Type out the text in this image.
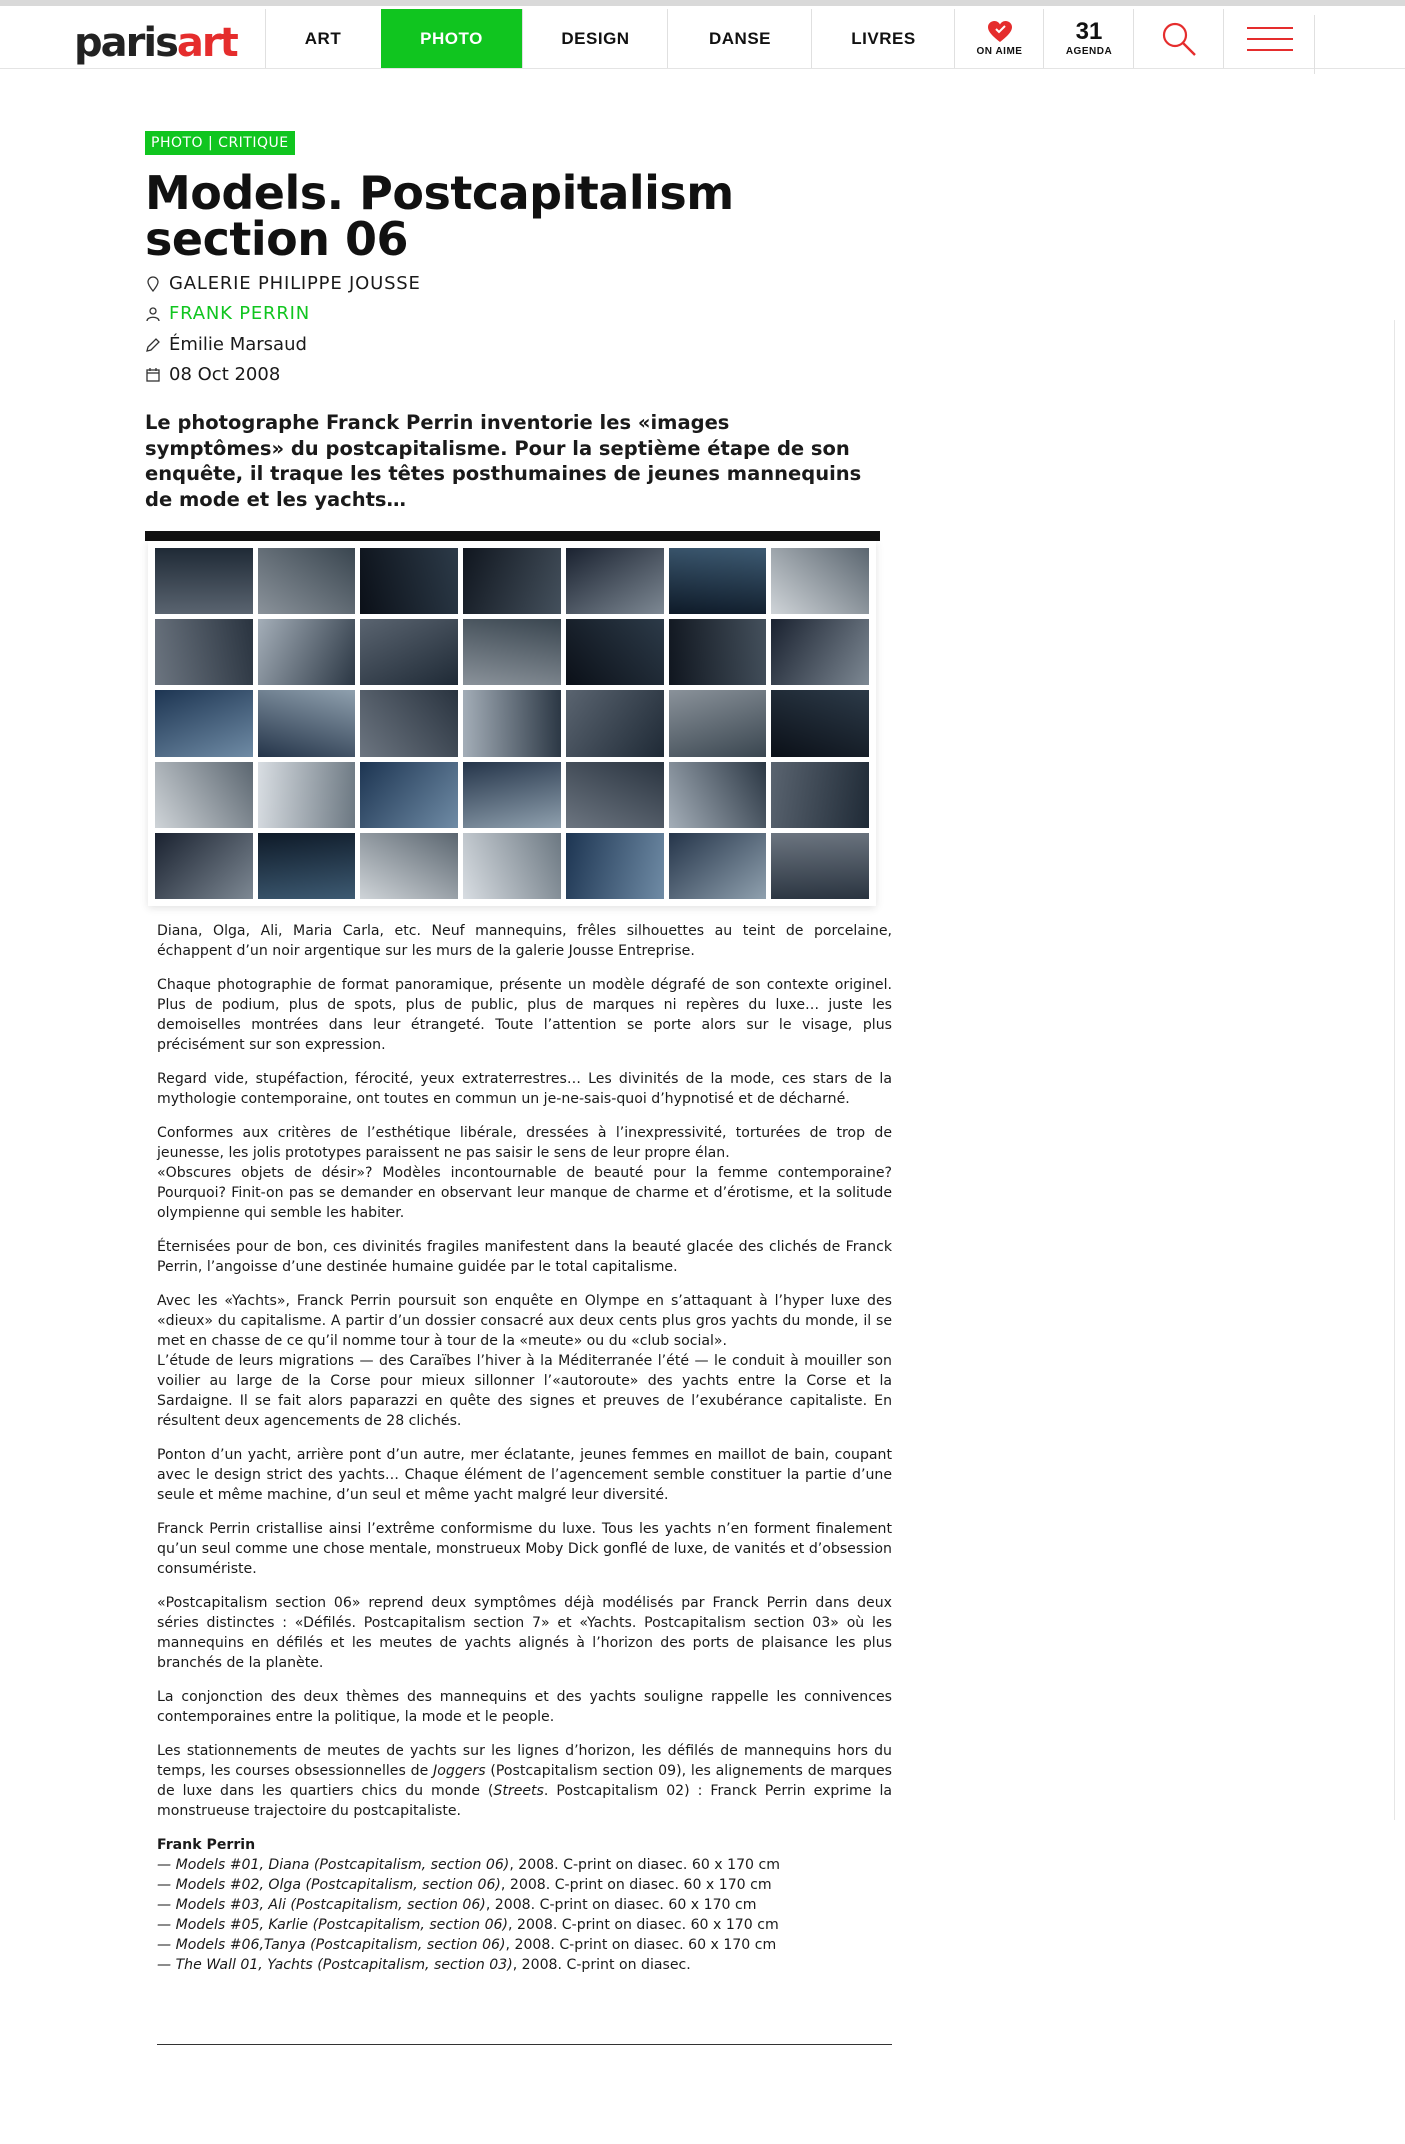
parisart	ART	PHOTO	DESIGN	DANSE	LIVRES
ON AIME
31
AGENDA
PHOTO | CRITIQUE
Models. Postcapitalism
section 06
GALERIE PHILIPPE JOUSSE
FRANK PERRIN
Émilie Marsaud
08 Oct 2008

Le photographe Franck Perrin inventorie les «images symptômes» du postcapitalisme. Pour la septième étape de son enquête, il traque les têtes posthumaines de jeunes mannequins de mode et les yachts…

Diana, Olga, Ali, Maria Carla, etc. Neuf mannequins, frêles silhouettes au teint de porcelaine, échappent d’un noir argentique sur les murs de la galerie Jousse Entreprise.

Chaque photographie de format panoramique, présente un modèle dégrafé de son contexte originel. Plus de podium, plus de spots, plus de public, plus de marques ni repères du luxe… juste les demoiselles montrées dans leur étrangeté. Toute l’attention se porte alors sur le visage, plus précisément sur son expression.

Regard vide, stupéfaction, férocité, yeux extraterrestres… Les divinités de la mode, ces stars de la mythologie contemporaine, ont toutes en commun un je-ne-sais-quoi d’hypnotisé et de décharné.

Conformes aux critères de l’esthétique libérale, dressées à l’inexpressivité, torturées de trop de jeunesse, les jolis prototypes paraissent ne pas saisir le sens de leur propre élan.
«Obscures objets de désir»? Modèles incontournable de beauté pour la femme contemporaine? Pourquoi? Finit-on pas se demander en observant leur manque de charme et d’érotisme, et la solitude olympienne qui semble les habiter.

Éternisées pour de bon, ces divinités fragiles manifestent dans la beauté glacée des clichés de Franck Perrin, l’angoisse d’une destinée humaine guidée par le total capitalisme.

Avec les «Yachts», Franck Perrin poursuit son enquête en Olympe en s’attaquant à l’hyper luxe des «dieux» du capitalisme. A partir d’un dossier consacré aux deux cents plus gros yachts du monde, il se met en chasse de ce qu’il nomme tour à tour de la «meute» ou du «club social».
L’étude de leurs migrations — des Caraïbes l’hiver à la Méditerranée l’été — le conduit à mouiller son voilier au large de la Corse pour mieux sillonner l’«autoroute» des yachts entre la Corse et la Sardaigne. Il se fait alors paparazzi en quête des signes et preuves de l’exubérance capitaliste. En résultent deux agencements de 28 clichés.

Ponton d’un yacht, arrière pont d’un autre, mer éclatante, jeunes femmes en maillot de bain, coupant avec le design strict des yachts… Chaque élément de l’agencement semble constituer la partie d’une seule et même machine, d’un seul et même yacht malgré leur diversité.

Franck Perrin cristallise ainsi l’extrême conformisme du luxe. Tous les yachts n’en forment finalement qu’un seul comme une chose mentale, monstrueux Moby Dick gonflé de luxe, de vanités et d’obsession consumériste.

«Postcapitalism section 06» reprend deux symptômes déjà modélisés par Franck Perrin dans deux séries distinctes : «Défilés. Postcapitalism section 7» et «Yachts. Postcapitalism section 03» où les mannequins en défilés et les meutes de yachts alignés à l’horizon des ports de plaisance les plus branchés de la planète.

La conjonction des deux thèmes des mannequins et des yachts souligne rappelle les connivences contemporaines entre la politique, la mode et le people.

Les stationnements de meutes de yachts sur les lignes d’horizon, les défilés de mannequins hors du temps, les courses obsessionnelles de Joggers (Postcapitalism section 09), les alignements de marques de luxe dans les quartiers chics du monde (Streets. Postcapitalism 02) : Franck Perrin exprime la monstrueuse trajectoire du postcapitaliste.

Frank Perrin
— Models #01, Diana (Postcapitalism, section 06), 2008. C-print on diasec. 60 x 170 cm
— Models #02, Olga (Postcapitalism, section 06), 2008. C-print on diasec. 60 x 170 cm
— Models #03, Ali (Postcapitalism, section 06), 2008. C-print on diasec. 60 x 170 cm
— Models #05, Karlie (Postcapitalism, section 06), 2008. C-print on diasec. 60 x 170 cm
— Models #06,Tanya (Postcapitalism, section 06), 2008. C-print on diasec. 60 x 170 cm
— The Wall 01, Yachts (Postcapitalism, section 03), 2008. C-print on diasec.
